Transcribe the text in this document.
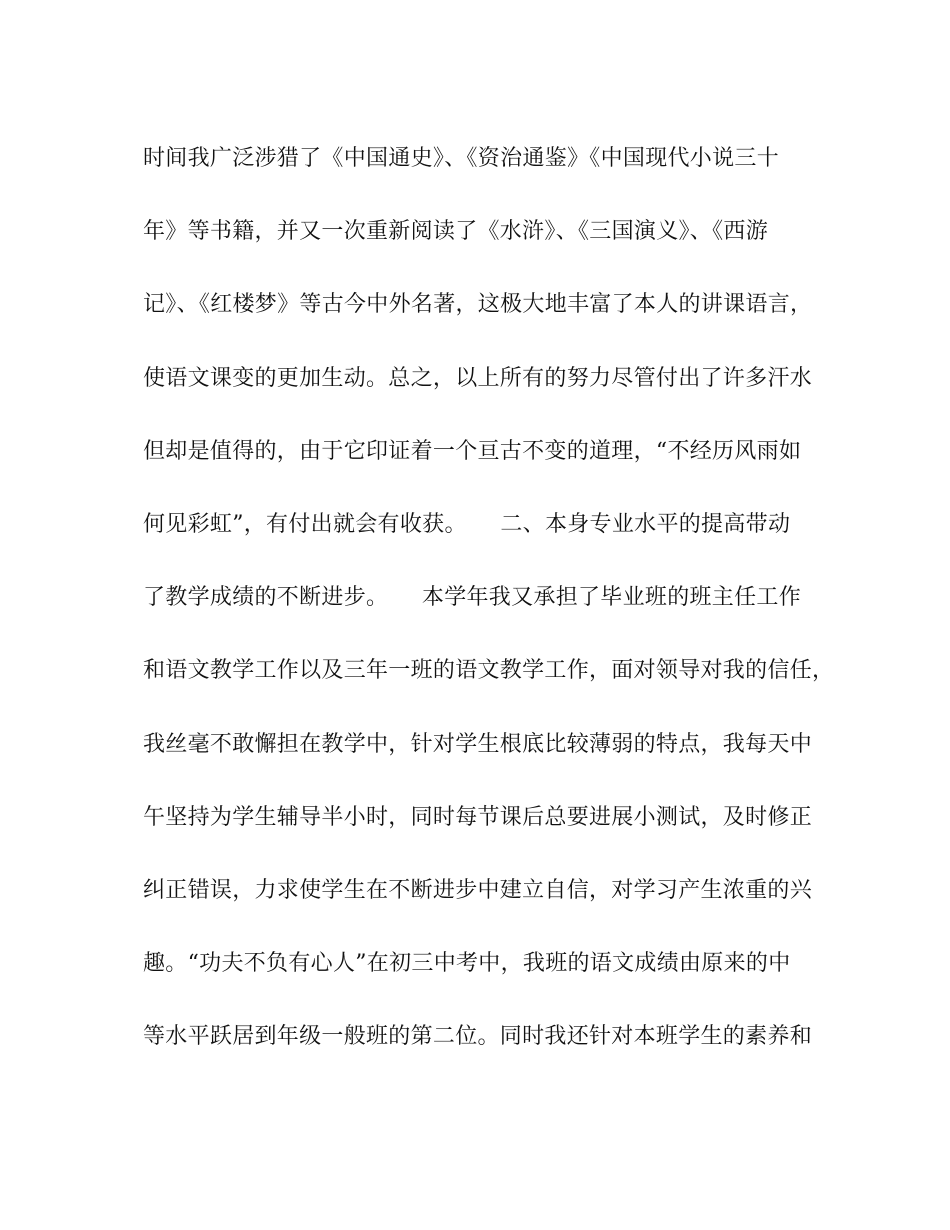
时间我广泛涉猎了《中国通史》、《资治通鉴》《中国现代小说三十
年》等书籍，并又一次重新阅读了《水浒》、《三国演义》、《西游
记》、《红楼梦》等古今中外名著，这极大地丰富了本人的讲课语言，
使语文课变的更加生动。总之，以上所有的努力尽管付出了许多汗水
但却是值得的，由于它印证着一个亘古不变的道理，“不经历风雨如
何见彩虹”，有付出就会有收获。　　二、本身专业水平的提高带动
了教学成绩的不断进步。　　本学年我又承担了毕业班的班主任工作
和语文教学工作以及三年一班的语文教学工作，面对领导对我的信任，
我丝毫不敢懈担在教学中，针对学生根底比较薄弱的特点，我每天中
午坚持为学生辅导半小时，同时每节课后总要进展小测试，及时修正
纠正错误，力求使学生在不断进步中建立自信，对学习产生浓重的兴
趣。“功夫不负有心人”在初三中考中，我班的语文成绩由原来的中
等水平跃居到年级一般班的第二位。同时我还针对本班学生的素养和
